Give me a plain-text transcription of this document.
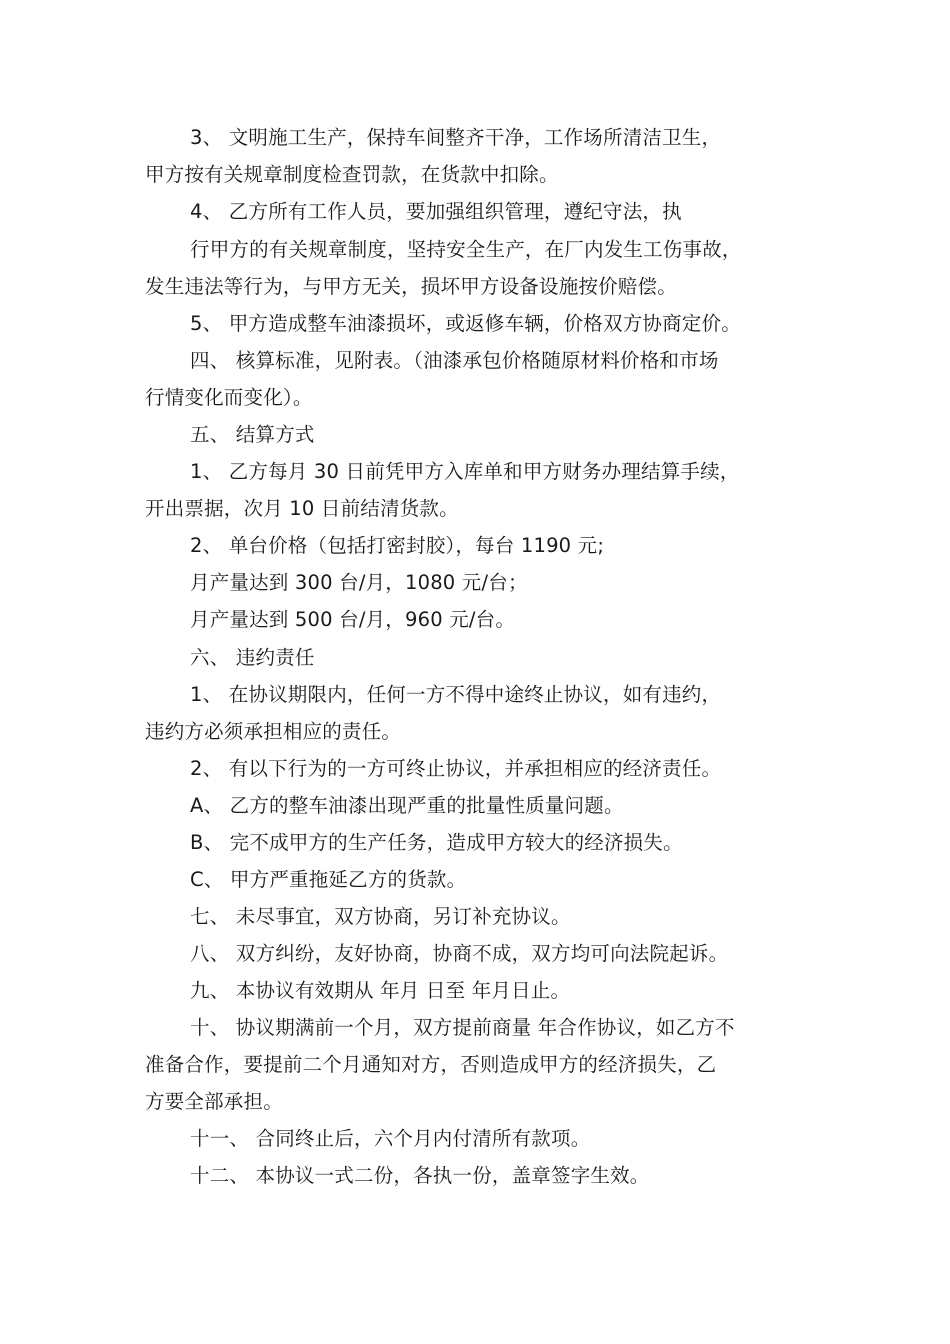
3、 文明施工生产，保持车间整齐干净，工作场所清洁卫生，
甲方按有关规章制度检查罚款，在货款中扣除。
4、 乙方所有工作人员，要加强组织管理，遵纪守法，执
行甲方的有关规章制度，坚持安全生产，在厂内发生工伤事故，
发生违法等行为，与甲方无关，损坏甲方设备设施按价赔偿。
5、 甲方造成整车油漆损坏，或返修车辆，价格双方协商定价。
四、 核算标准，见附表。（油漆承包价格随原材料价格和市场
行情变化而变化）。
五、 结算方式
1、 乙方每月 30 日前凭甲方入库单和甲方财务办理结算手续，
开出票据，次月 10 日前结清货款。
2、 单台价格（包括打密封胶），每台 1190 元;
月产量达到 300 台/月，1080 元/台；
月产量达到 500 台/月，960 元/台。
六、 违约责任
1、 在协议期限内，任何一方不得中途终止协议，如有违约，
违约方必须承担相应的责任。
2、 有以下行为的一方可终止协议，并承担相应的经济责任。
A、 乙方的整车油漆出现严重的批量性质量问题。
B、 完不成甲方的生产任务，造成甲方较大的经济损失。
C、 甲方严重拖延乙方的货款。
七、 未尽事宜，双方协商，另订补充协议。
八、 双方纠纷，友好协商，协商不成，双方均可向法院起诉。
九、 本协议有效期从 年月 日至 年月日止。
十、 协议期满前一个月，双方提前商量 年合作协议，如乙方不
准备合作，要提前二个月通知对方，否则造成甲方的经济损失，乙
方要全部承担。
十一、 合同终止后，六个月内付清所有款项。
十二、 本协议一式二份，各执一份，盖章签字生效。
